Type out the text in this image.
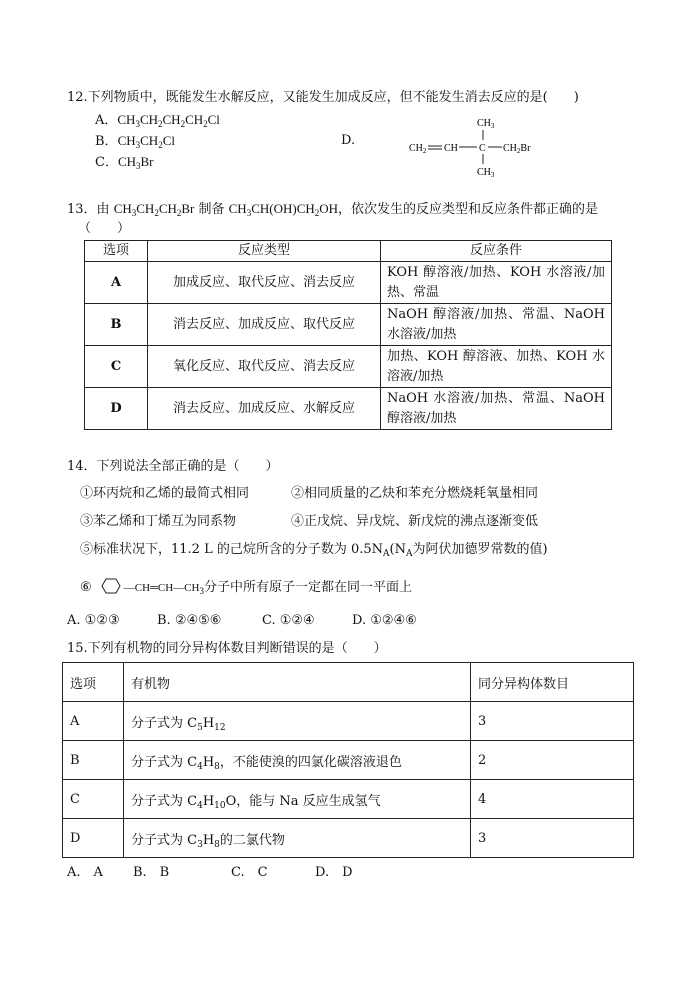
12.下列物质中，既能发生水解反应，又能发生加成反应，但不能发生消去反应的是(　　)
A．$CH_3CH_2CH_2CH_2Cl$
B．$CH_3CH_2Cl$
C．$CH_3Br$
D.
$CH_3$
$CH_2$ CH C $CH_2Br$
$CH_3$
13．由 $CH_3CH_2CH_2Br$ 制备 $CH_3CH(OH)CH_2OH$，依次发生的反应类型和反应条件都正确的是
（　　）
选项	反应类型	反应条件
A	加成反应、取代反应、消去反应	KOH 醇溶液/加热、KOH 水溶液/加热、常温
B	消去反应、加成反应、取代反应	NaOH 醇溶液/加热、常温、NaOH 水溶液/加热
C	氧化反应、取代反应、消去反应	加热、KOH 醇溶液、加热、KOH 水溶液/加热
D	消去反应、加成反应、水解反应	NaOH 水溶液/加热、常温、NaOH 醇溶液/加热
14．下列说法全部正确的是（　　）
①环丙烷和乙烯的最简式相同	②相同质量的乙炔和苯充分燃烧耗氧量相同
③苯乙烯和丁烯互为同系物	④正戊烷、异戊烷、新戊烷的沸点逐渐变低
⑤标准状况下，11.2 L 的己烷所含的分子数为 $0.5N_A(N_A$为阿伏加德罗常数的值)
⑥	$—CH═CH—CH_3$分子中所有原子一定都在同一平面上
A. ①②③	B. ②④⑤⑥	C. ①②④	D. ①②④⑥
15.下列有机物的同分异构体数目判断错误的是（　　）
选项	有机物	同分异构体数目
A	分子式为 $C_5H_{12}$	3
B	分子式为 $C_4H_8$，不能使溴的四氯化碳溶液退色	2
C	分子式为 $C_4H_{10}O$，能与 Na 反应生成氢气	4
D	分子式为 $C_3H_8$的二氯代物	3
A.　A B.　B	C.　C	D.　D
